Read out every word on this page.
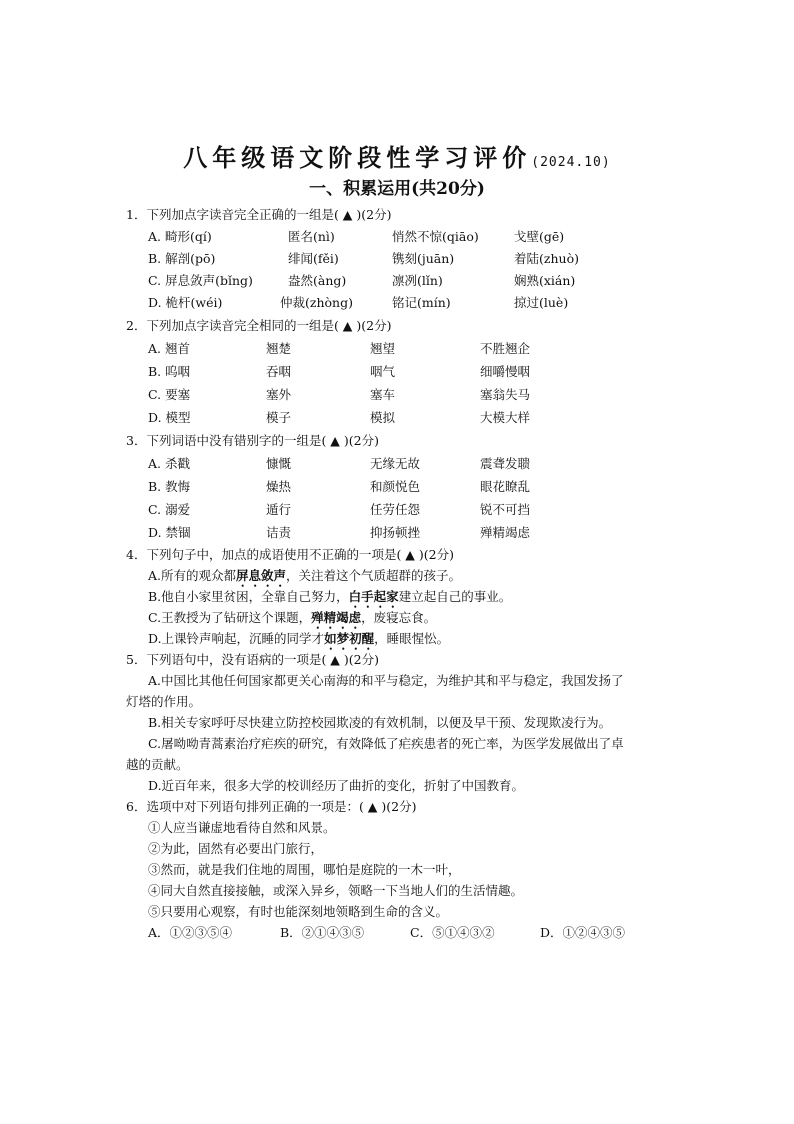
八年级语文阶段性学习评价(2024.10)
一、积累运用(共20分)
1．下列加点字读音完全正确的一组是( ▲ )(2分)
A. 畸形(qí)	匿名(nì)	悄然不惊(qiāo)	戈壁(gē)
B. 解剖(pō)	绯闻(fěi)	镌刻(juān)	着陆(zhuò)
C. 屏息敛声(bǐng)	盎然(àng)	凛冽(lǐn)	娴熟(xián)
D. 桅杆(wéi)	仲裁(zhòng)	铭记(mín)	掠过(luè)
2．下列加点字读音完全相同的一组是( ▲ )(2分)
A. 翘首	翘楚	翘望	不胜翘企
B. 呜咽	吞咽	咽气	细嚼慢咽
C. 要塞	塞外	塞车	塞翁失马
D. 模型	模子	模拟	大模大样
3．下列词语中没有错别字的一组是( ▲ )(2分)
A. 杀戳	慷慨	无缘无故	震聋发聩
B. 教悔	燥热	和颜悦色	眼花瞭乱
C. 溺爱	遁行	任劳任怨	锐不可挡
D. 禁锢	诘责	抑扬顿挫	殚精竭虑
4．下列句子中，加点的成语使用不正确的一项是( ▲ )(2分)
A.所有的观众都屏息敛声，关注着这个气质超群的孩子。
B.他自小家里贫困，全靠自己努力，白手起家建立起自己的事业。
C.王教授为了钻研这个课题，殚精竭虑，废寝忘食。
D.上课铃声响起，沉睡的同学才如梦初醒，睡眼惺忪。
5．下列语句中，没有语病的一项是( ▲ )(2分)
A.中国比其他任何国家都更关心南海的和平与稳定，为维护其和平与稳定，我国发扬了
灯塔的作用。
B.相关专家呼吁尽快建立防控校园欺凌的有效机制，以便及早干预、发现欺凌行为。
C.屠呦呦青蒿素治疗疟疾的研究，有效降低了疟疾患者的死亡率，为医学发展做出了卓
越的贡献。
D.近百年来，很多大学的校训经历了曲折的变化，折射了中国教育。
6．选项中对下列语句排列正确的一项是：( ▲ )(2分)
①人应当谦虚地看待自然和风景。
②为此，固然有必要出门旅行，
③然而，就是我们住地的周围，哪怕是庭院的一木一叶，
④同大自然直接接触，或深入异乡，领略一下当地人们的生活情趣。
⑤只要用心观察，有时也能深刻地领略到生命的含义。
A．①②③⑤④	B．②①④③⑤	C．⑤①④③②	D．①②④③⑤
